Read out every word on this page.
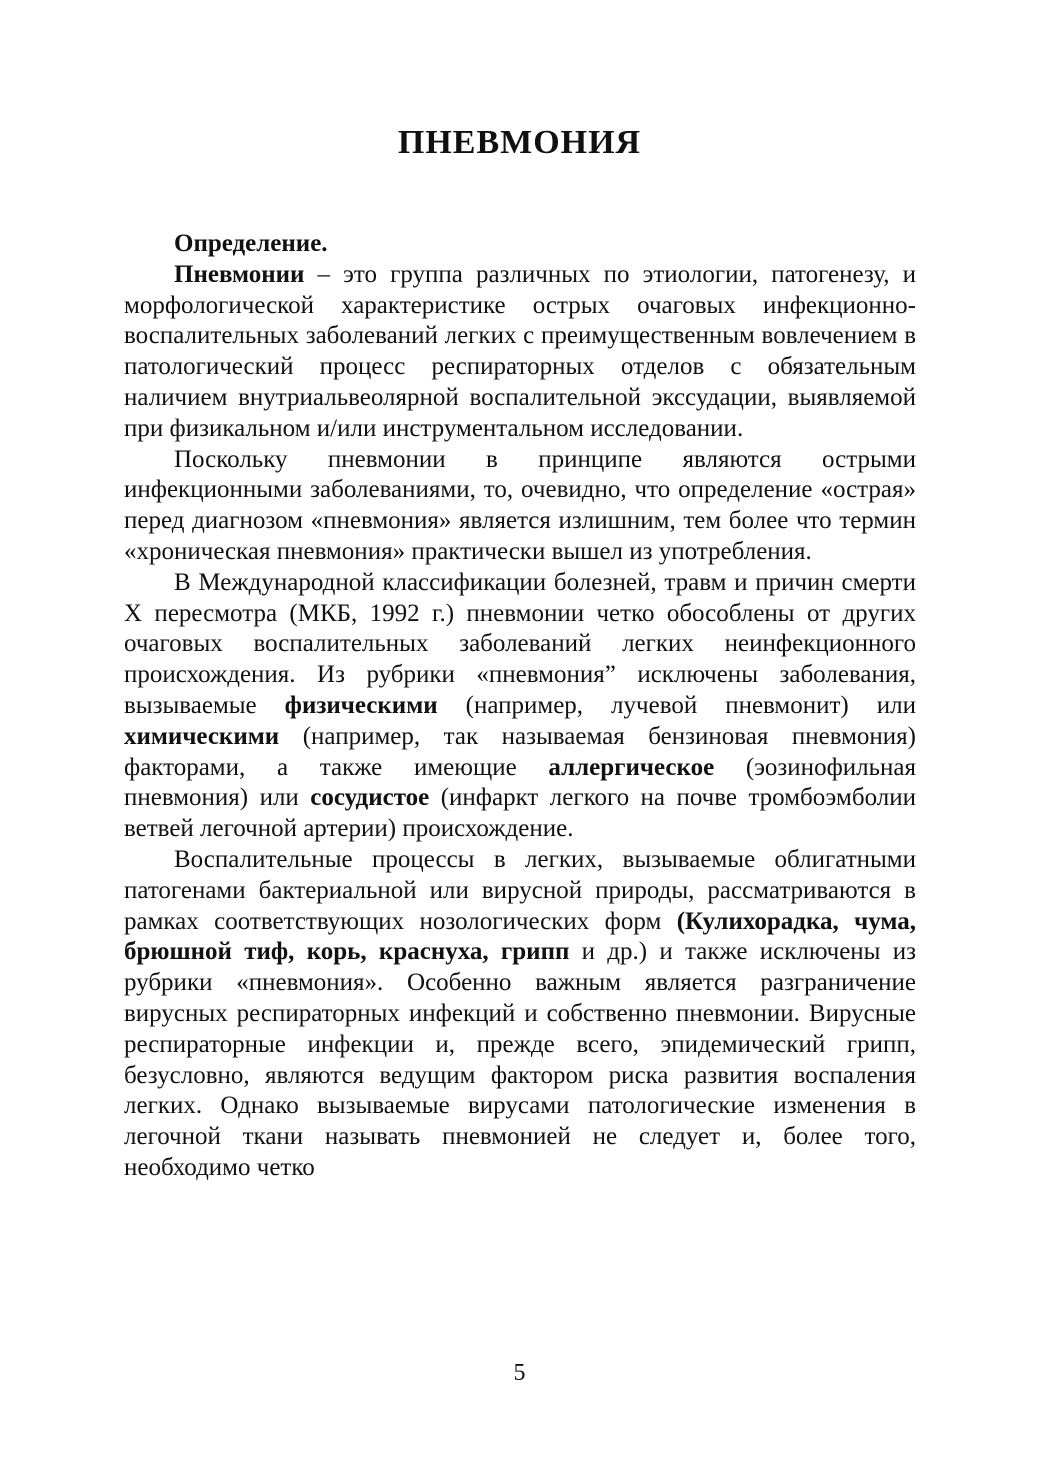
ПНЕВМОНИЯ

Определение.

Пневмонии – это группа различных по этиологии, патогенезу, и морфологической характеристике острых очаговых инфекционно-воспалительных заболеваний легких с преимущественным вовлечением в патологический процесс респираторных отделов с обязательным наличием внутриальвеолярной воспалительной экссудации, выявляемой при физикальном и/или инструментальном исследовании.

Поскольку пневмонии в принципе являются острыми инфекционными заболеваниями, то, очевидно, что определение «острая» перед диагнозом «пневмония» является излишним, тем более что термин «хроническая пневмония» практически вышел из употребления.

В Международной классификации болезней, травм и причин смерти X пересмотра (МКБ, 1992 г.) пневмонии четко обособлены от других очаговых воспалительных заболеваний легких неинфекционного происхождения. Из рубрики «пневмония” исключены заболевания, вызываемые физическими (например, лучевой пневмонит) или химическими (например, так называемая бензиновая пневмония) факторами, а также имеющие аллергическое (эозинофильная пневмония) или сосудистое (инфаркт легкого на почве тромбоэмболии ветвей легочной артерии) происхождение.

Воспалительные процессы в легких, вызываемые облигатными патогенами бактериальной или вирусной природы, рассматриваются в рамках соответствующих нозологических форм (Кулихорадка, чума, брюшной тиф, корь, краснуха, грипп и др.) и также исключены из рубрики «пневмония». Особенно важным является разграничение вирусных респираторных инфекций и собственно пневмонии. Вирусные респираторные инфекции и, прежде всего, эпидемический грипп, безусловно, являются ведущим фактором риска развития воспаления легких. Однако вызываемые вирусами патологические изменения в легочной ткани называть пневмонией не следует и, более того, необходимо четко

5
